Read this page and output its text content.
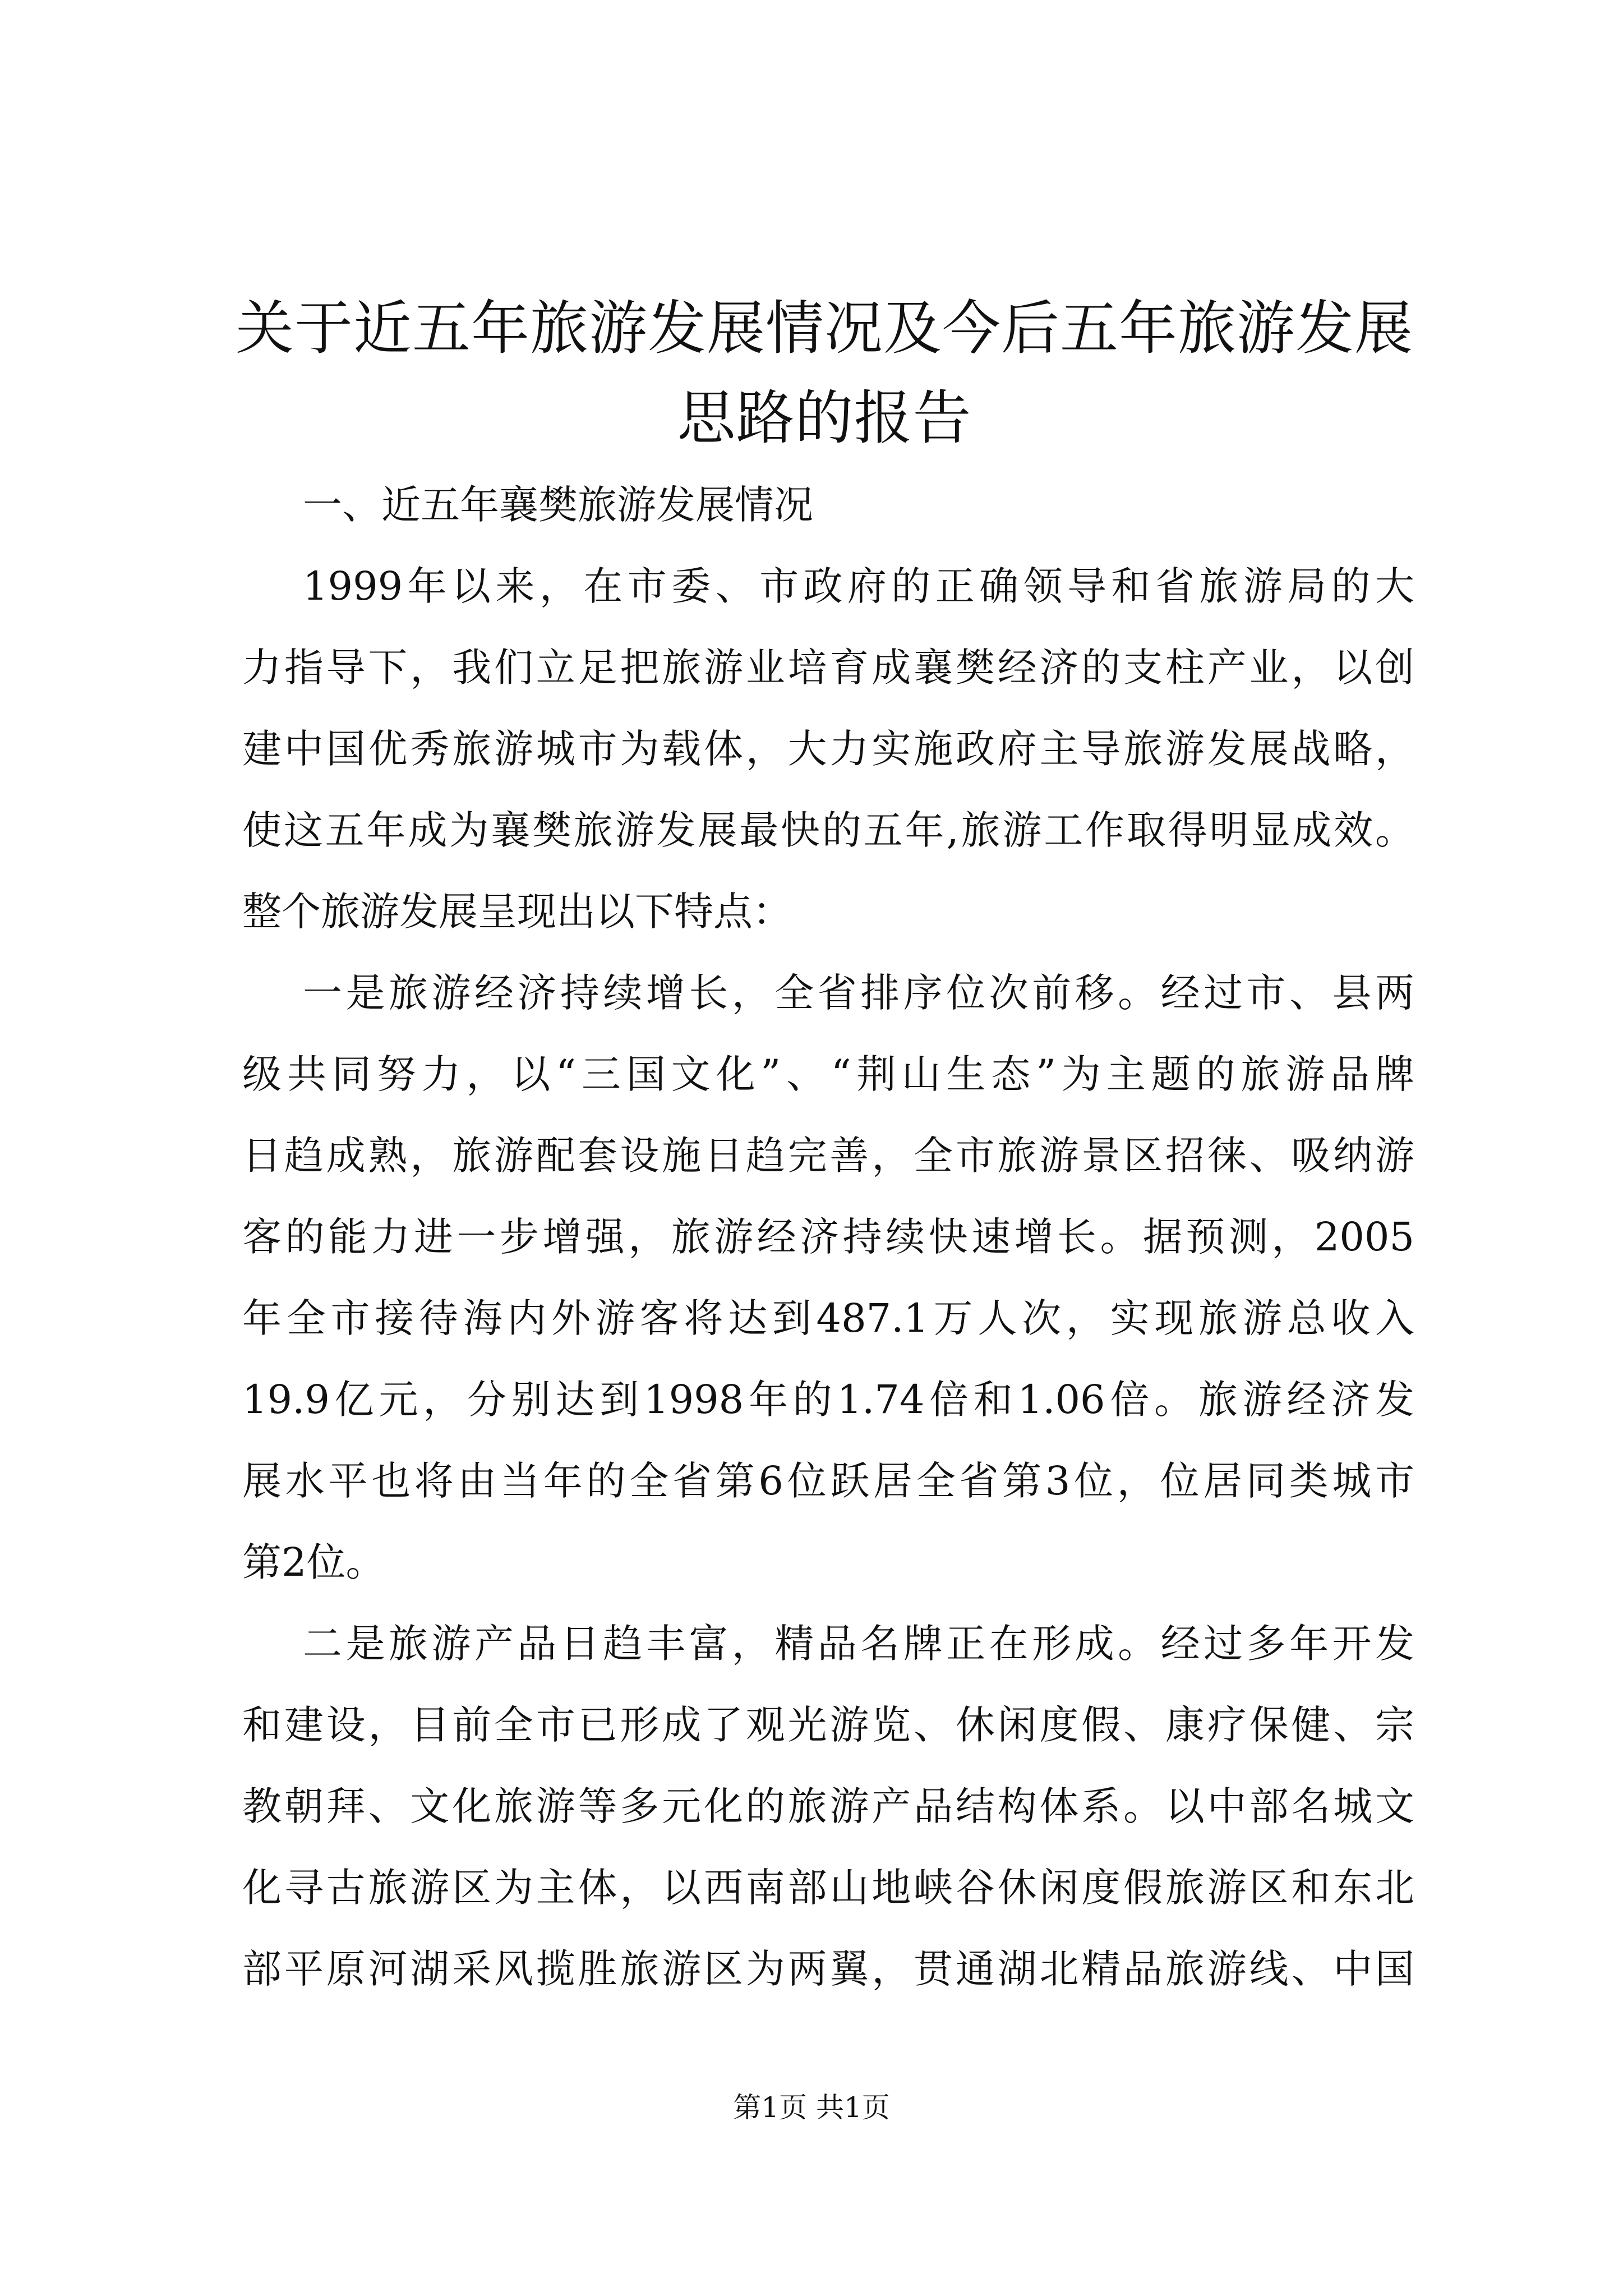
关于近五年旅游发展情况及今后五年旅游发展
思路的报告

一、近五年襄樊旅游发展情况

1999年以来，在市委、市政府的正确领导和省旅游局的大

力指导下，我们立足把旅游业培育成襄樊经济的支柱产业，以创

建中国优秀旅游城市为载体，大力实施政府主导旅游发展战略，

使这五年成为襄樊旅游发展最快的五年,旅游工作取得明显成效。

整个旅游发展呈现出以下特点：

一是旅游经济持续增长，全省排序位次前移。经过市、县两

级共同努力，以“三国文化”、“荆山生态”为主题的旅游品牌

日趋成熟，旅游配套设施日趋完善，全市旅游景区招徕、吸纳游

客的能力进一步增强，旅游经济持续快速增长。据预测，2005

年全市接待海内外游客将达到487.1万人次，实现旅游总收入

19.9亿元，分别达到1998年的1.74倍和1.06倍。旅游经济发

展水平也将由当年的全省第6位跃居全省第3位，位居同类城市

第2位。

二是旅游产品日趋丰富，精品名牌正在形成。经过多年开发

和建设，目前全市已形成了观光游览、休闲度假、康疗保健、宗

教朝拜、文化旅游等多元化的旅游产品结构体系。以中部名城文

化寻古旅游区为主体，以西南部山地峡谷休闲度假旅游区和东北

部平原河湖采风揽胜旅游区为两翼，贯通湖北精品旅游线、中国

第1页 共1页
